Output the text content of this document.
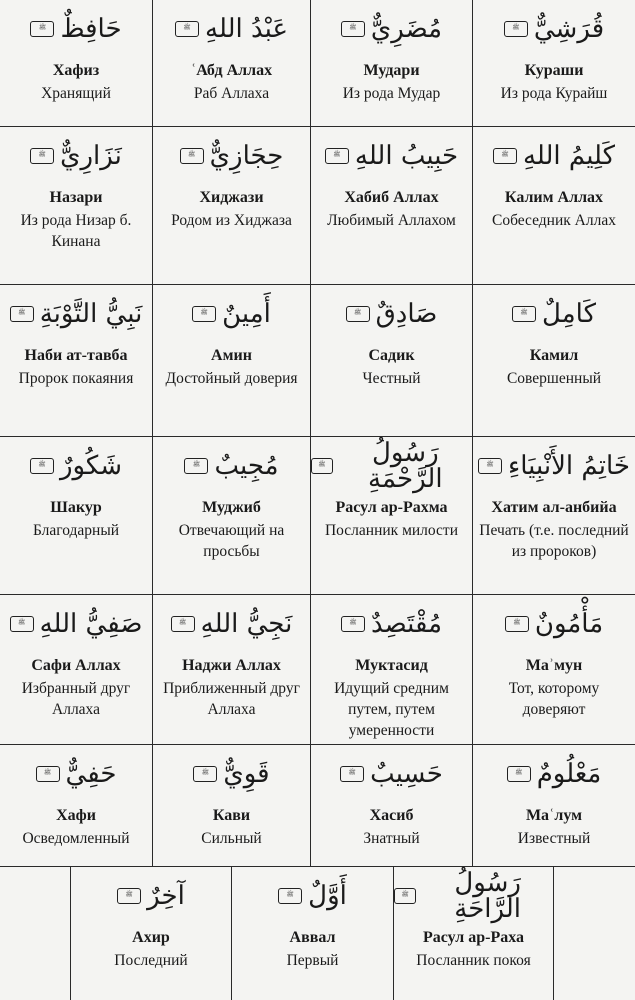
حَافِظٌ
ﷺ
Хафиз
Хранящий
عَبْدُ اللهِ
ﷺ
ʿАбд Аллах
Раб Аллаха
مُضَرِيٌّ
ﷺ
Мудари
Из рода Мудар
قُرَشِيٌّ
ﷺ
Кураши
Из рода Курайш
نَزَارِيٌّ
ﷺ
Назари
Из рода Низар б. Кинана
حِجَازِيٌّ
ﷺ
Хиджази
Родом из Хиджаза
حَبِيبُ اللهِ
ﷺ
Хабиб Аллах
Любимый Аллахом
كَلِيمُ اللهِ
ﷺ
Калим Аллах
Собеседник Аллах
نَبِيُّ التَّوْبَةِ
ﷺ
Наби ат-тавба
Пророк покаяния
أَمِينٌ
ﷺ
Амин
Достойный доверия
صَادِقٌ
ﷺ
Садик
Честный
كَامِلٌ
ﷺ
Камил
Совершенный
شَكُورٌ
ﷺ
Шакур
Благодарный
مُجِيبٌ
ﷺ
Муджиб
Отвечающий на просьбы
رَسُولُ الرَّحْمَةِ
ﷺ
Расул ар-Рахма
Посланник милости
خَاتِمُ الأَنْبِيَاءِ
ﷺ
Хатим ал-анбийа
Печать (т.е. последний из пророков)
صَفِيُّ اللهِ
ﷺ
Сафи Аллах
Избранный друг Аллаха
نَجِيُّ اللهِ
ﷺ
Наджи Аллах
Приближенный друг Аллаха
مُقْتَصِدٌ
ﷺ
Муктасид
Идущий средним путем, путем умеренности
مَأْمُونٌ
ﷺ
Маʾмун
Тот, которому доверяют
حَفِيٌّ
ﷺ
Хафи
Осведомленный
قَوِيٌّ
ﷺ
Кави
Сильный
حَسِيبٌ
ﷺ
Хасиб
Знатный
مَعْلُومٌ
ﷺ
Маʿлум
Известный
آخِرٌ
ﷺ
Ахир
Последний
أَوَّلٌ
ﷺ
Аввал
Первый
رَسُولُ الرَّاحَةِ
ﷺ
Расул ар-Раха
Посланник покоя
